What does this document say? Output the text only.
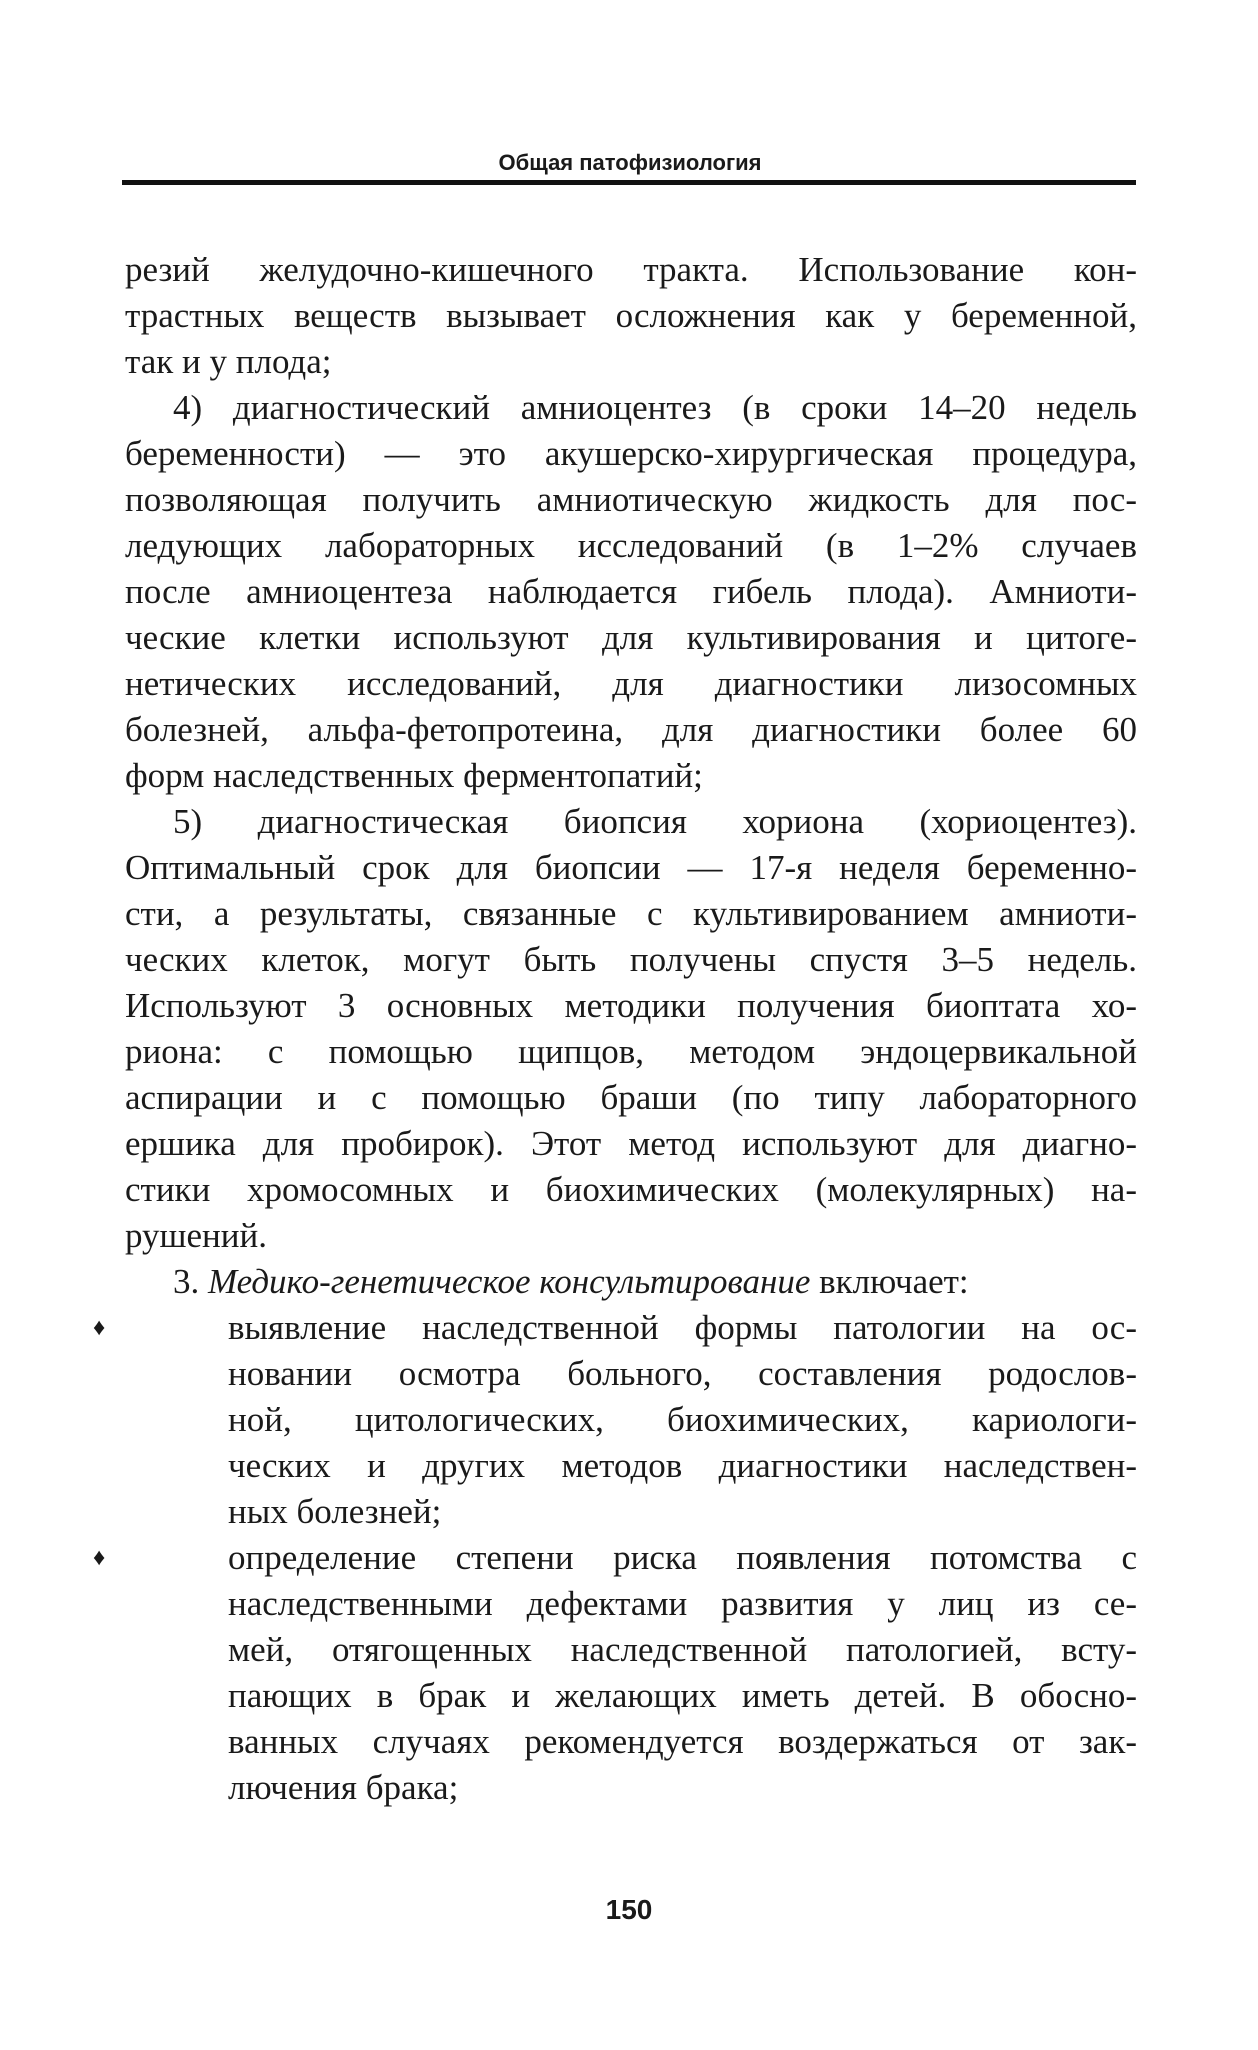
Общая патофизиология
резий желудочно-кишечного тракта. Использование кон-
трастных веществ вызывает осложнения как у беременной,
так и у плода;
4) диагностический амниоцентез (в сроки 14–20 недель
беременности) — это акушерско-хирургическая процедура,
позволяющая получить амниотическую жидкость для пос-
ледующих лабораторных исследований (в 1–2% случаев
после амниоцентеза наблюдается гибель плода). Амниоти-
ческие клетки используют для культивирования и цитоге-
нетических исследований, для диагностики лизосомных
болезней, альфа-фетопротеина, для диагностики более 60
форм наследственных ферментопатий;
5) диагностическая биопсия хориона (хориоцентез).
Оптимальный срок для биопсии — 17-я неделя беременно-
сти, а результаты, связанные с культивированием амниоти-
ческих клеток, могут быть получены спустя 3–5 недель.
Используют 3 основных методики получения биоптата хо-
риона: с помощью щипцов, методом эндоцервикальной
аспирации и с помощью браши (по типу лабораторного
ершика для пробирок). Этот метод используют для диагно-
стики хромосомных и биохимических (молекулярных) на-
рушений.
3. Медико-генетическое консультирование включает:
♦	выявление наследственной формы патологии на ос-
новании осмотра больного, составления родослов-
ной, цитологических, биохимических, кариологи-
ческих и других методов диагностики наследствен-
ных болезней;
♦	определение степени риска появления потомства с
наследственными дефектами развития у лиц из се-
мей, отягощенных наследственной патологией, всту-
пающих в брак и желающих иметь детей. В обосно-
ванных случаях рекомендуется воздержаться от зак-
лючения брака;
150
